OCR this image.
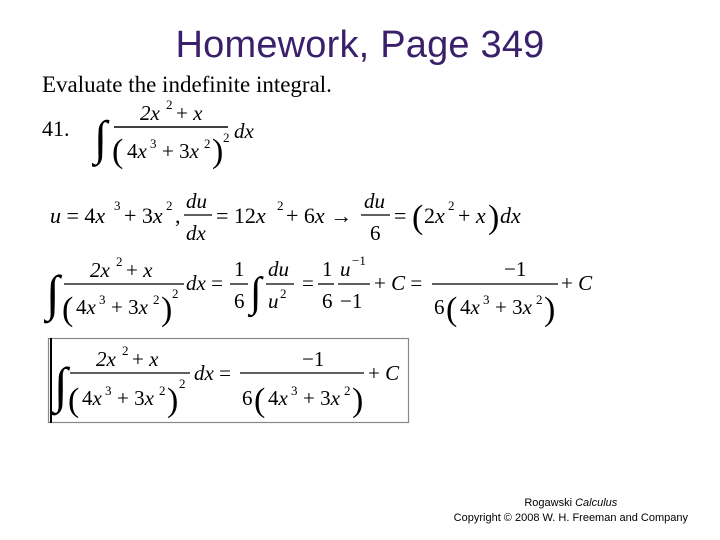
Homework, Page 349
Evaluate the indefinite integral.
41. ∫ 2x 2 + x
( 4x 3 + 3x 2 ) 2 dx
u = 4x 3 + 3x 2 ,
du
dx
= 12x 2 + 6x →
du
6
= ( 2x 2 + x ) dx
∫ 2x 2 + x
( 4x 3 + 3x 2 ) 2 dx =
1
6 ∫
du
u 2 =
1
6
u −1
−1
+ C =
−1
6 ( 4x 3 + 3x 2 )
+ C
∫ 2x 2 + x
( 4x 3 + 3x 2 ) 2 dx =
−1
6 ( 4x 3 + 3x 2 )
+ C
Rogawski Calculus
Copyright © 2008 W. H. Freeman and Company
